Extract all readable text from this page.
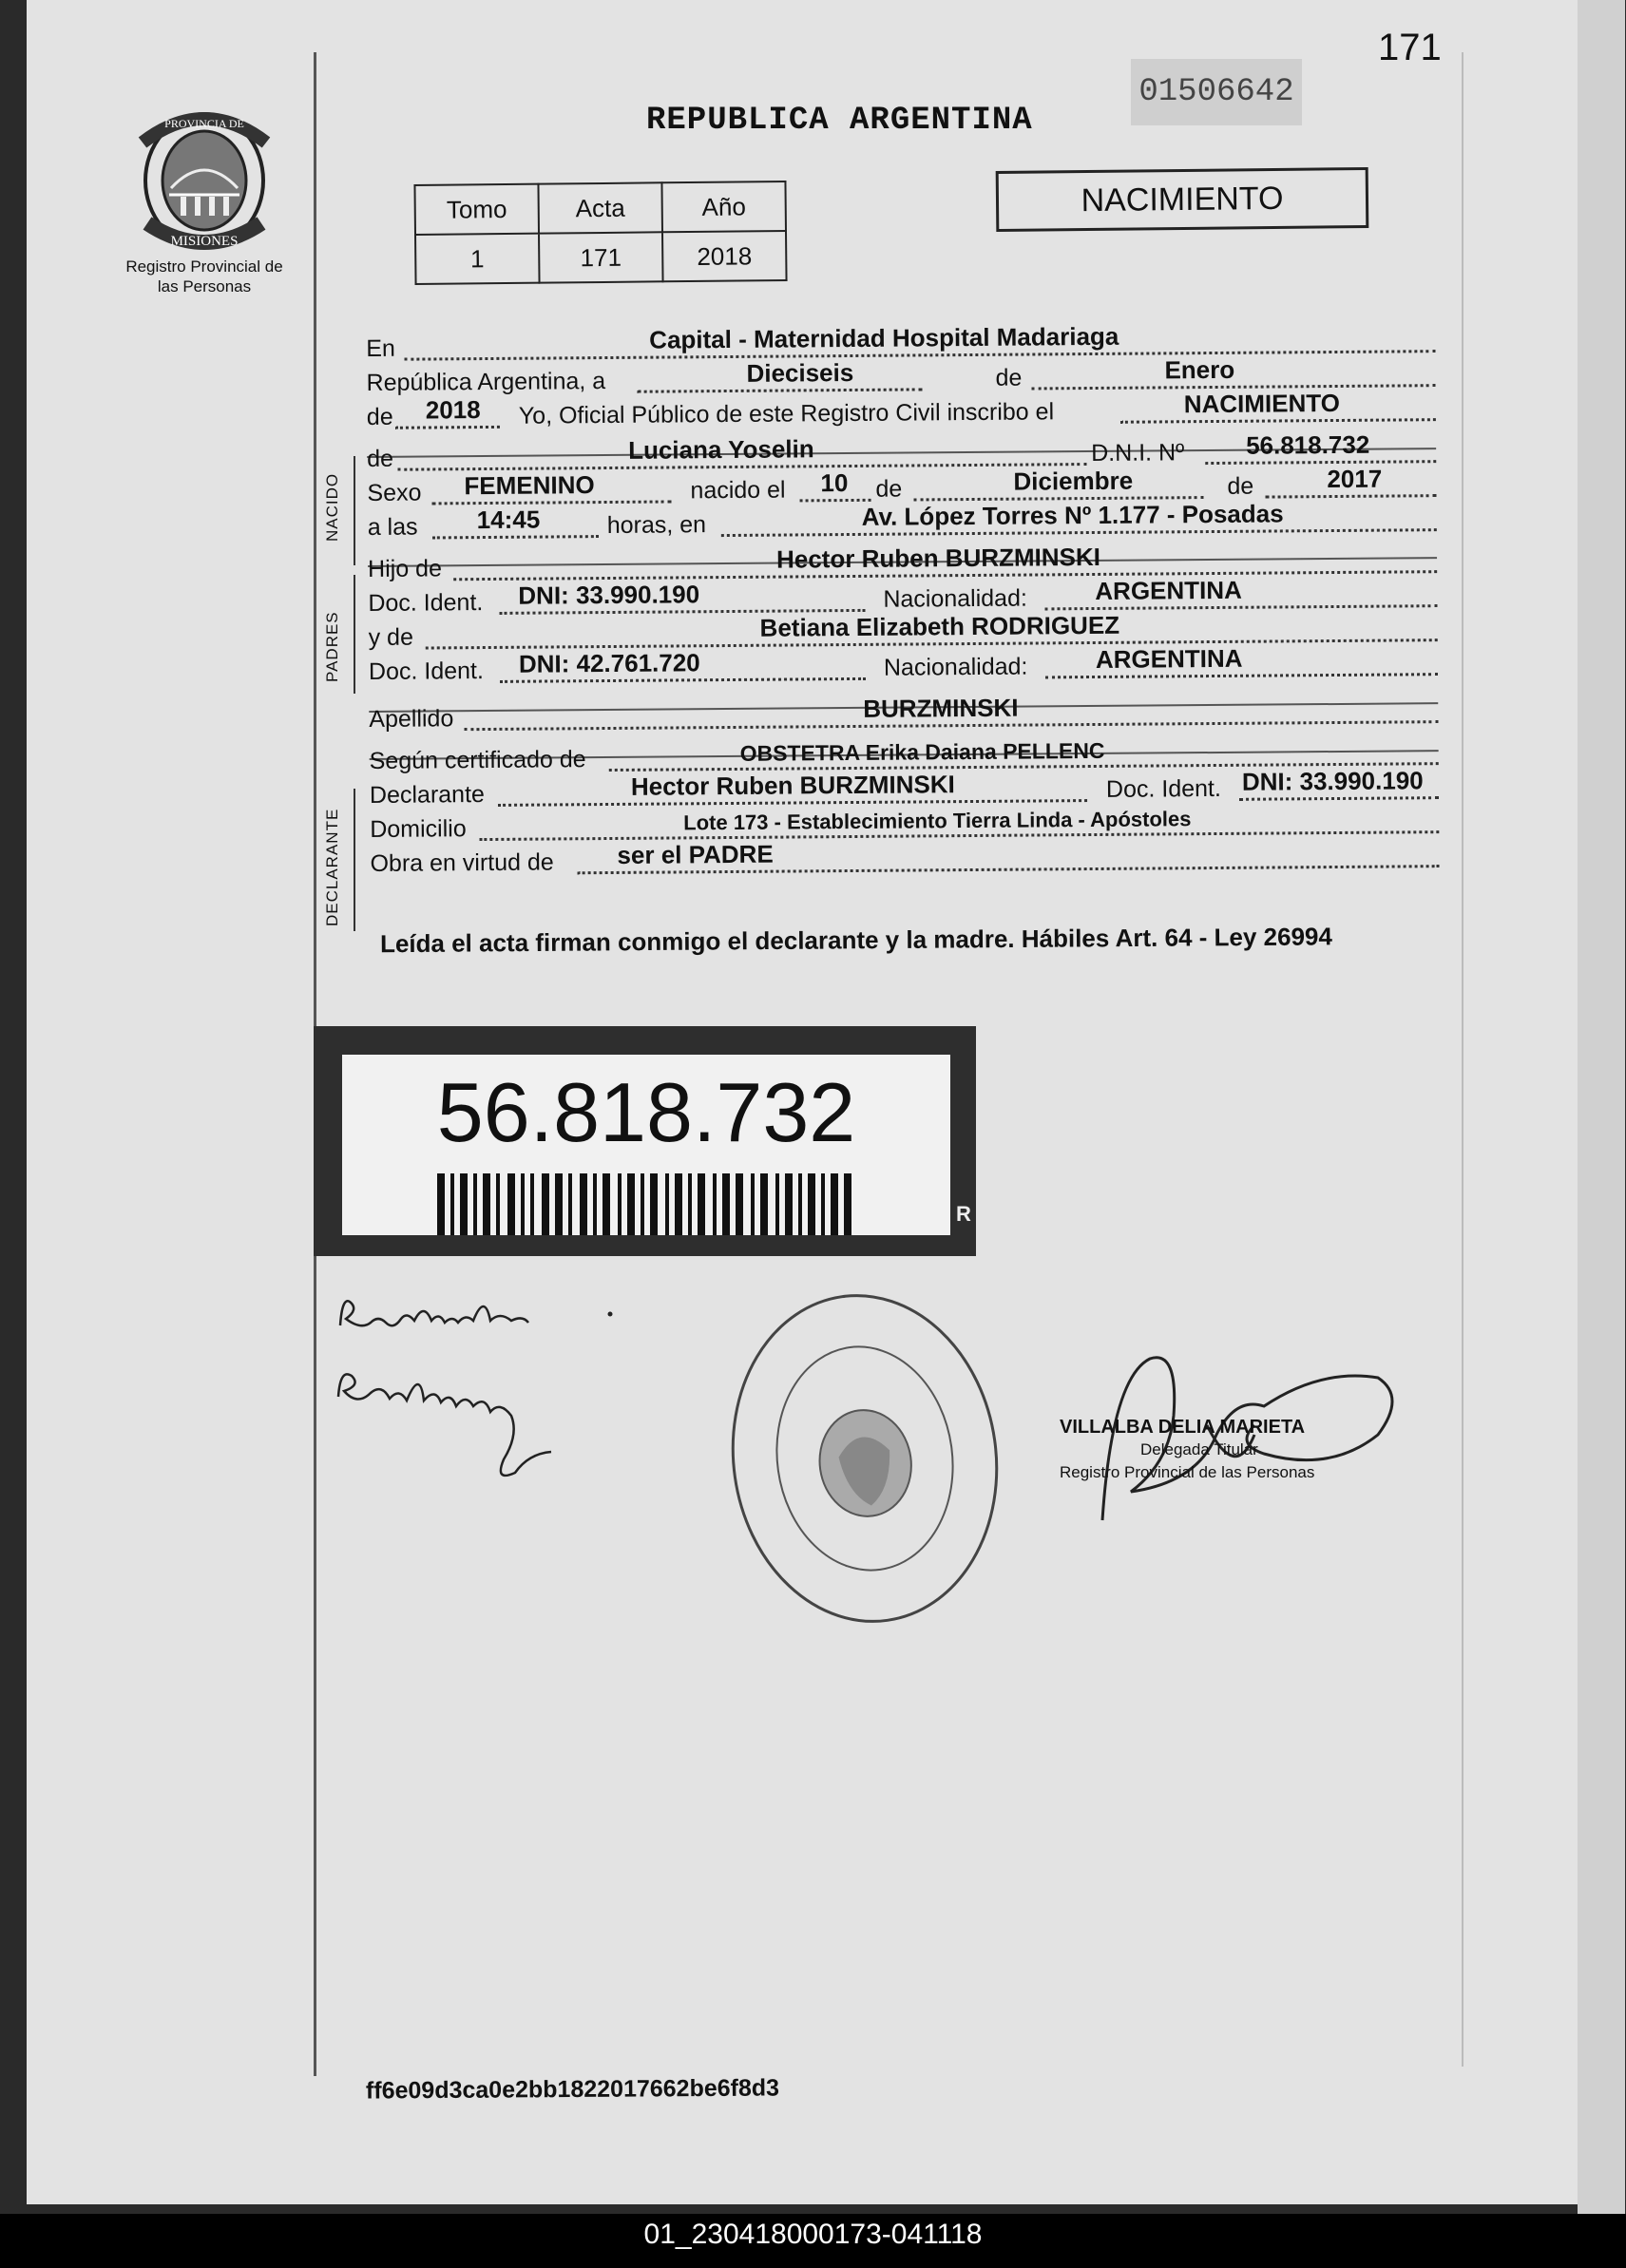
171
01506642
REPUBLICA ARGENTINA
PROVINCIA DE
MISIONES
Registro Provincial de las Personas
Tomo	Acta	Año
1	171	2018
NACIMIENTO
NACIDO
PADRES
DECLARANTE
En	Capital - Maternidad Hospital Madariaga
República Argentina, a	Dieciseis	de	Enero
de 2018 Yo, Oficial Público de este Registro Civil inscribo el	NACIMIENTO
de	Luciana Yoselin	D.N.I. Nº 56.818.732
Sexo FEMENINO	nacido el 10 de	Diciembre	de	2017
a las 14:45	horas, en	Av. López Torres Nº 1.177 - Posadas
Hijo de	Hector Ruben BURZMINSKI
Doc. Ident. DNI: 33.990.190	Nacionalidad:	ARGENTINA
y de	Betiana Elizabeth RODRIGUEZ
Doc. Ident. DNI: 42.761.720	Nacionalidad:	ARGENTINA
Apellido	BURZMINSKI
Según certificado de	OBSTETRA Erika Daiana PELLENC
Declarante	Hector Ruben BURZMINSKI	Doc. Ident. DNI: 33.990.190
Domicilio	Lote 173 - Establecimiento Tierra Linda - Apóstoles
Obra en virtud de	ser el PADRE
Leída el acta firman conmigo el declarante y la madre. Hábiles Art. 64 - Ley 26994
56.818.732
R
VILLALBA DELIA MARIETA
Delegada Titular
Registro Provincial de las Personas
ff6e09d3ca0e2bb1822017662be6f8d3
01_230418000173-041118
